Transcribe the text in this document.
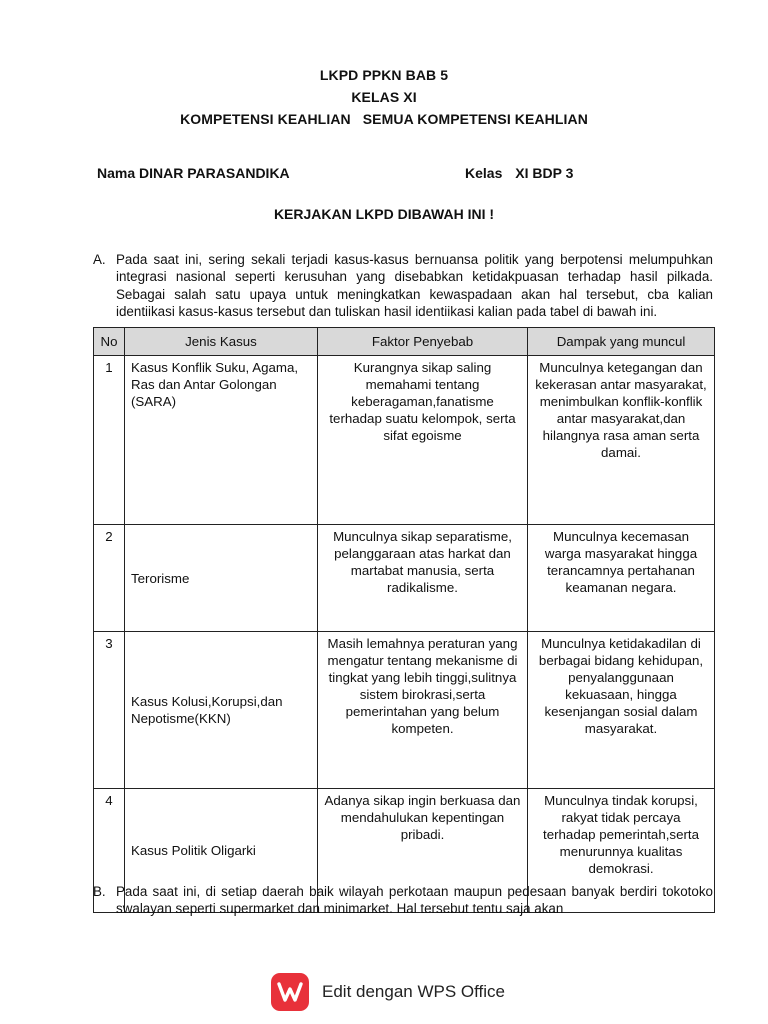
LKPD PPKN BAB 5
KELAS XI
KOMPETENSI KEAHLIAN   SEMUA KOMPETENSI KEAHLIAN
Nama DINAR PARASANDIKA	Kelas XI BDP 3
KERJAKAN LKPD DIBAWAH INI !
A. Pada saat ini, sering sekali terjadi kasus-kasus bernuansa politik yang berpotensi melumpuhkan integrasi nasional seperti kerusuhan yang disebabkan ketidakpuasan terhadap hasil pilkada. Sebagai salah satu upaya untuk meningkatkan kewaspadaan akan hal tersebut, cba kalian identiikasi kasus-kasus tersebut dan tuliskan hasil identiikasi kalian pada tabel di bawah ini.
No	Jenis Kasus	Faktor Penyebab	Dampak yang muncul
1	Kasus Konflik Suku, Agama, Ras dan Antar Golongan (SARA)	Kurangnya sikap saling memahami tentang keberagaman,fanatisme terhadap suatu kelompok, serta sifat egoisme	Munculnya ketegangan dan kekerasan antar masyarakat, menimbulkan konflik-konflik antar masyarakat,dan hilangnya rasa aman serta damai.
2	Terorisme	Munculnya sikap separatisme, pelanggaraan atas harkat dan martabat manusia, serta radikalisme.	Munculnya kecemasan warga masyarakat hingga terancamnya pertahanan keamanan negara.
3	Kasus Kolusi,Korupsi,dan Nepotisme(KKN)	Masih lemahnya peraturan yang mengatur tentang mekanisme di tingkat yang lebih tinggi,sulitnya sistem birokrasi,serta pemerintahan yang belum kompeten.	Munculnya ketidakadilan di berbagai bidang kehidupan, penyalanggunaan kekuasaan, hingga kesenjangan sosial dalam masyarakat.
4	Kasus Politik Oligarki	Adanya sikap ingin berkuasa dan mendahulukan kepentingan pribadi.	Munculnya tindak korupsi, rakyat tidak percaya terhadap pemerintah,serta menurunnya kualitas demokrasi.
B. Pada saat ini, di setiap daerah baik wilayah perkotaan maupun pedesaan banyak berdiri tokotoko swalayan seperti supermarket dan minimarket. Hal tersebut tentu saja akan
Edit dengan WPS Office
